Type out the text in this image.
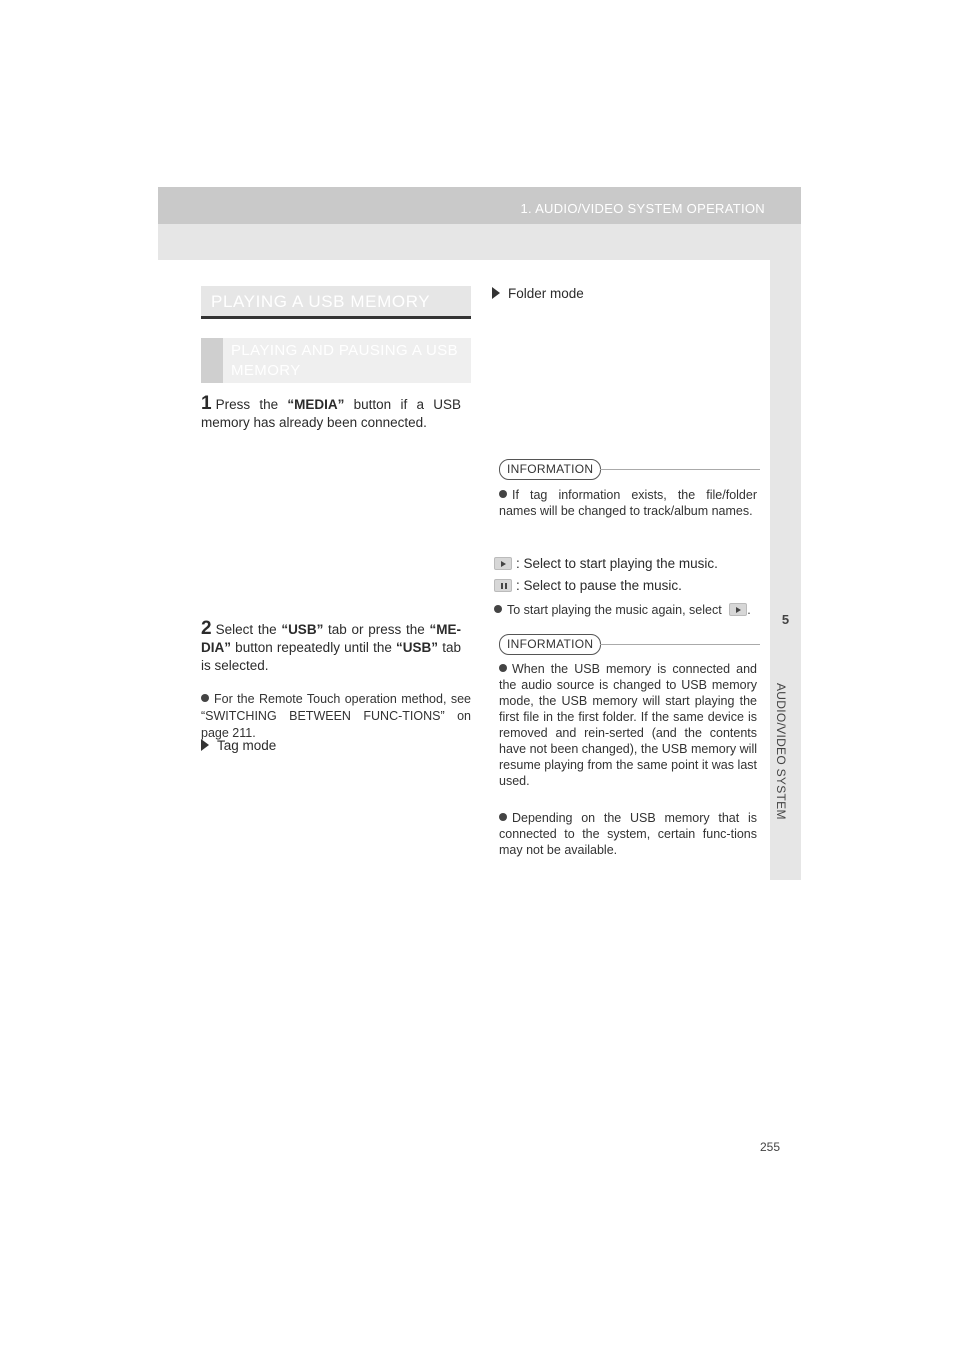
1. AUDIO/VIDEO SYSTEM OPERATION
5
AUDIO/VIDEO SYSTEM
PLAYING A USB MEMORY
PLAYING AND PAUSING A USB MEMORY
1 Press the “MEDIA” button if a USB memory has already been connected.
2 Select the “USB” tab or press the “ME-DIA” button repeatedly until the “USB” tab is selected.
For the Remote Touch operation method, see “SWITCHING BETWEEN FUNC-TIONS” on page 211.
Tag mode
Folder mode
INFORMATION
If tag information exists, the file/folder names will be changed to track/album names.
: Select to start playing the music.
: Select to pause the music.
To start playing the music again, select .
INFORMATION
When the USB memory is connected and the audio source is changed to USB memory mode, the USB memory will start playing the first file in the first folder. If the same device is removed and rein-serted (and the contents have not been changed), the USB memory will resume playing from the same point it was last used.
Depending on the USB memory that is connected to the system, certain func-tions may not be available.
255
